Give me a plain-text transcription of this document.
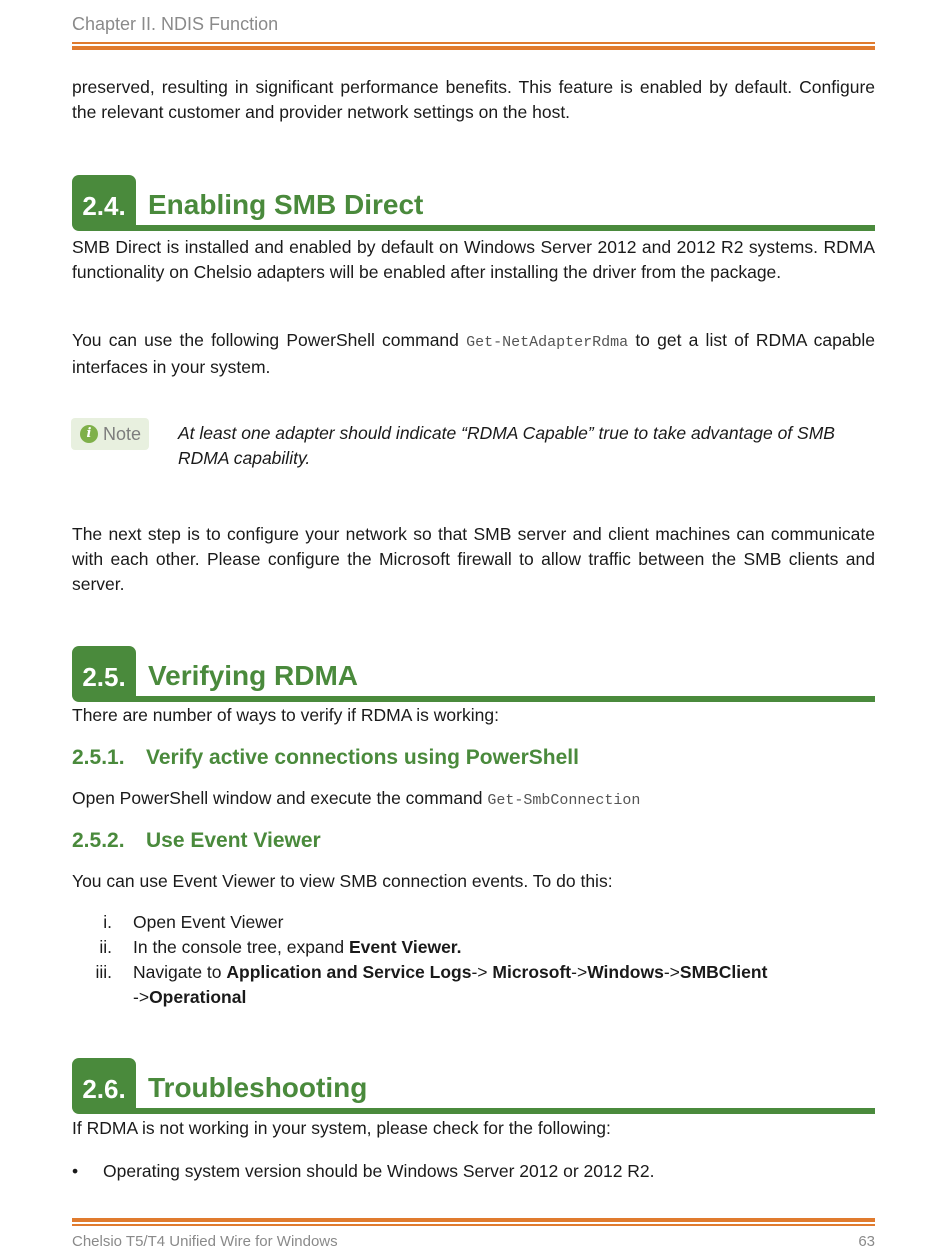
Chapter II. NDIS Function

preserved, resulting in significant performance benefits. This feature is enabled by default. Configure the relevant customer and provider network settings on the host.

2.4. Enabling SMB Direct

SMB Direct is installed and enabled by default on Windows Server 2012 and 2012 R2 systems. RDMA functionality on Chelsio adapters will be enabled after installing the driver from the package.

You can use the following PowerShell command Get-NetAdapterRdma to get a list of RDMA capable interfaces in your system.

i Note At least one adapter should indicate “RDMA Capable” true to take advantage of SMB RDMA capability.

The next step is to configure your network so that SMB server and client machines can communicate with each other. Please configure the Microsoft firewall to allow traffic between the SMB clients and server.

2.5. Verifying RDMA

There are number of ways to verify if RDMA is working:

2.5.1. Verify active connections using PowerShell

Open PowerShell window and execute the command Get-SmbConnection

2.5.2. Use Event Viewer

You can use Event Viewer to view SMB connection events. To do this:

i. Open Event Viewer
ii. In the console tree, expand Event Viewer.
iii. Navigate to Application and Service Logs-> Microsoft->Windows->SMBClient
->Operational
2.6. Troubleshooting

If RDMA is not working in your system, please check for the following:

• Operating system version should be Windows Server 2012 or 2012 R2.
Chelsio T5/T4 Unified Wire for Windows	63
